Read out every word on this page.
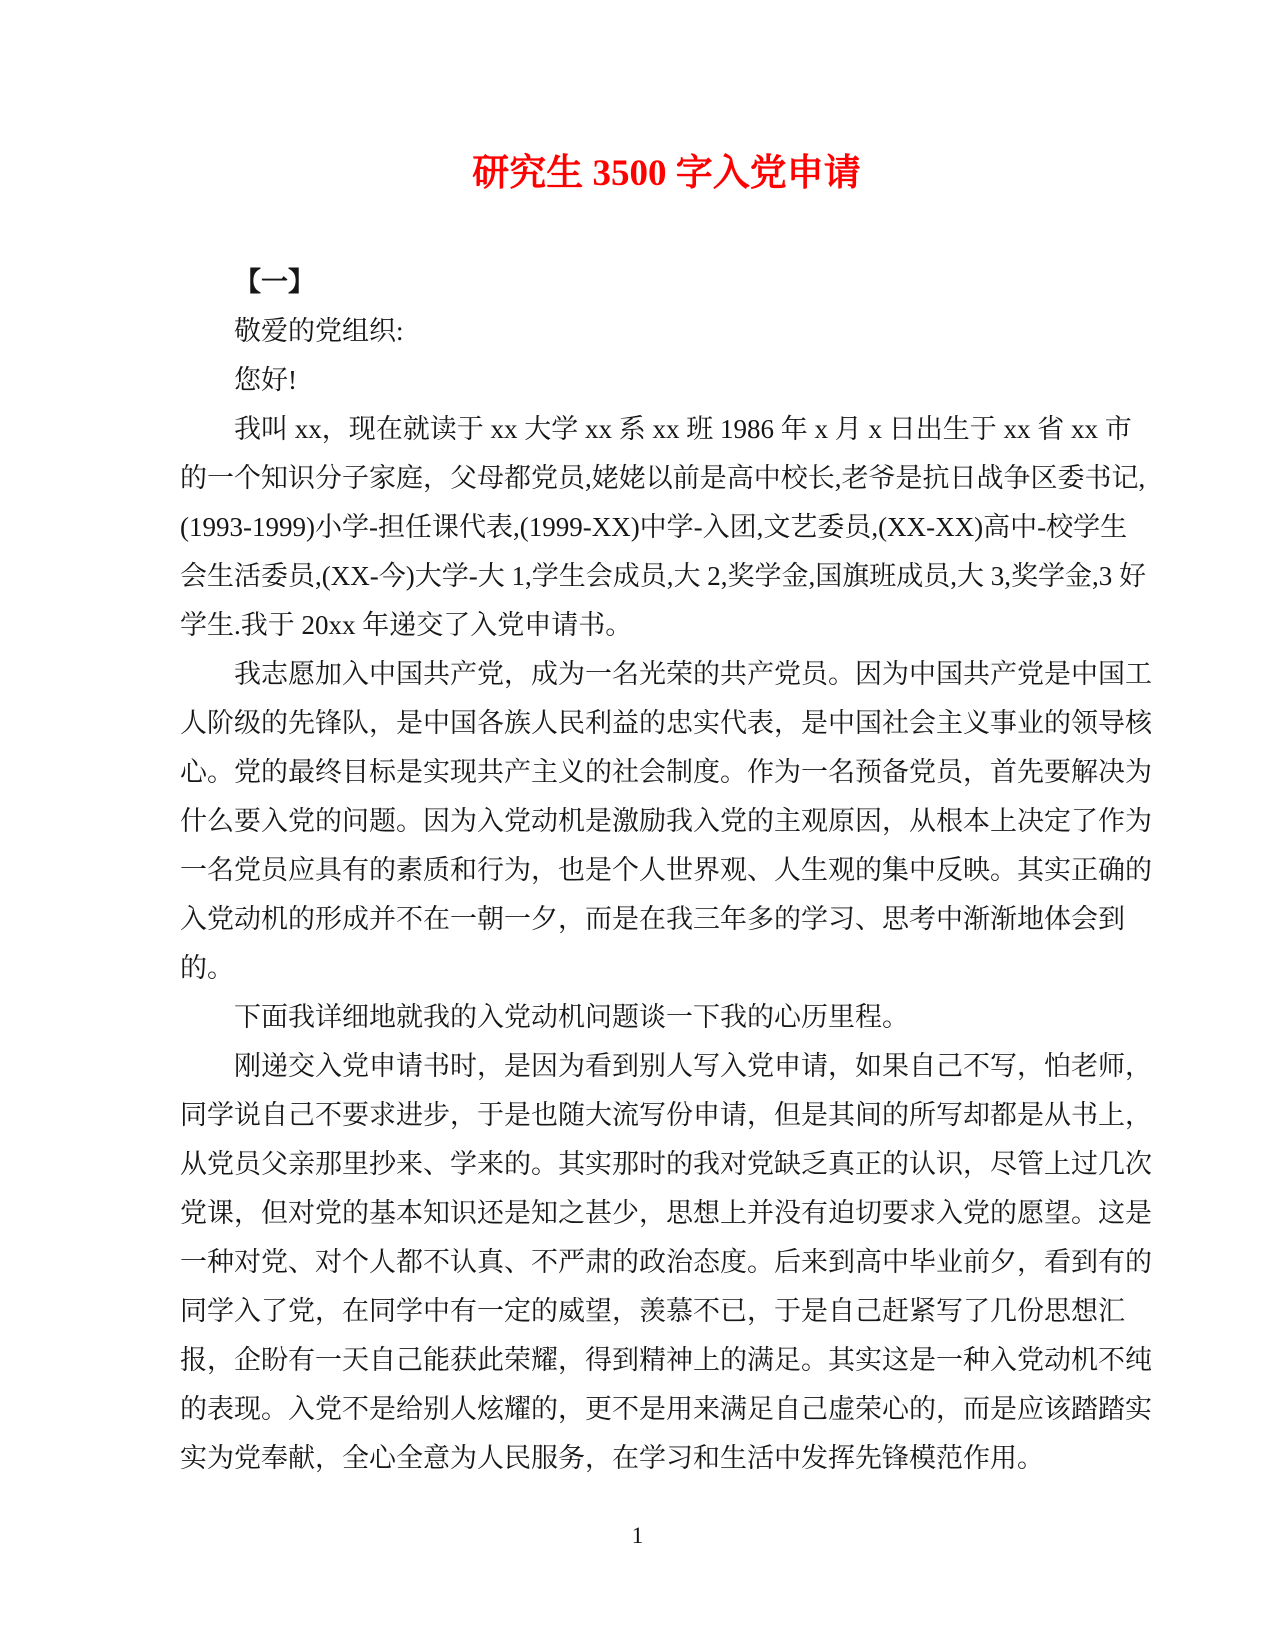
研究生 3500 字入党申请

【一】

敬爱的党组织:

您好!

我叫 xx，现在就读于 xx 大学 xx 系 xx 班 1986 年 x 月 x 日出生于 xx 省 xx 市的一个知识分子家庭，父母都党员,姥姥以前是高中校长,老爷是抗日战争区委书记,(1993-1999)小学-担任课代表,(1999-XX)中学-入团,文艺委员,(XX-XX)高中-校学生会生活委员,(XX-今)大学-大 1,学生会成员,大 2,奖学金,国旗班成员,大 3,奖学金,3 好学生.我于 20xx 年递交了入党申请书。

我志愿加入中国共产党，成为一名光荣的共产党员。因为中国共产党是中国工人阶级的先锋队，是中国各族人民利益的忠实代表，是中国社会主义事业的领导核心。党的最终目标是实现共产主义的社会制度。作为一名预备党员，首先要解决为什么要入党的问题。因为入党动机是激励我入党的主观原因，从根本上决定了作为一名党员应具有的素质和行为，也是个人世界观、人生观的集中反映。其实正确的入党动机的形成并不在一朝一夕，而是在我三年多的学习、思考中渐渐地体会到的。

下面我详细地就我的入党动机问题谈一下我的心历里程。

刚递交入党申请书时，是因为看到别人写入党申请，如果自己不写，怕老师，同学说自己不要求进步，于是也随大流写份申请，但是其间的所写却都是从书上，从党员父亲那里抄来、学来的。其实那时的我对党缺乏真正的认识，尽管上过几次党课，但对党的基本知识还是知之甚少，思想上并没有迫切要求入党的愿望。这是一种对党、对个人都不认真、不严肃的政治态度。后来到高中毕业前夕，看到有的同学入了党，在同学中有一定的威望，羡慕不已，于是自己赶紧写了几份思想汇报，企盼有一天自己能获此荣耀，得到精神上的满足。其实这是一种入党动机不纯的表现。入党不是给别人炫耀的，更不是用来满足自己虚荣心的，而是应该踏踏实实为党奉献，全心全意为人民服务，在学习和生活中发挥先锋模范作用。

1
